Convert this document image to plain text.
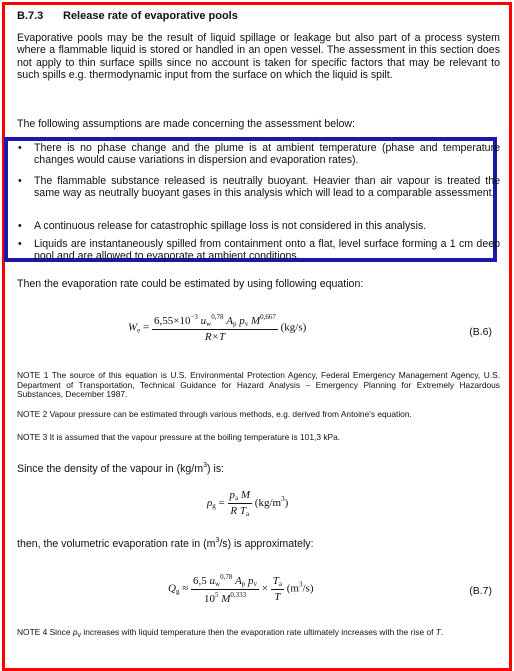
B.7.3 Release rate of evaporative pools
Evaporative pools may be the result of liquid spillage or leakage but also part of a process system where a flammable liquid is stored or handled in an open vessel. The assessment in this section does not apply to thin surface spills since no account is taken for specific factors that may be relevant to such spills e.g. thermodynamic input from the surface on which the liquid is spilt.
The following assumptions are made concerning the assessment below:
• There is no phase change and the plume is at ambient temperature (phase and temperature changes would cause variations in dispersion and evaporation rates).
• The flammable substance released is neutrally buoyant. Heavier than air vapour is treated the same way as neutrally buoyant gases in this analysis which will lead to a comparable assessment.
• A continuous release for catastrophic spillage loss is not considered in this analysis.
• Liquids are instantaneously spilled from containment onto a flat, level surface forming a 1 cm deep pool and are allowed to evaporate at ambient conditions.
Then the evaporation rate could be estimated by using following equation:
$W_e = \frac{6,55\times 10^{-3} u_w^{0,78} A_p p_v M^{0,667}}{R\times T} (kg/s)$	(B.6)
NOTE 1 The source of this equation is U.S. Environmental Protection Agency, Federal Emergency Management Agency, U.S. Department of Transportation, Technical Guidance for Hazard Analysis – Emergency Planning for Extremely Hazardous Substances, December 1987.
NOTE 2 Vapour pressure can be estimated through various methods, e.g. derived from Antoine's equation.
NOTE 3 It is assumed that the vapour pressure at the boiling temperature is 101,3 kPa.
Since the density of the vapour in $(kg/m^3)$ is:
$\rho_g = \frac{p_a M}{R T_a} (kg/m^3)$
then, the volumetric evaporation rate in $(m^3/s)$ is approximately:
$Q_g \approx \frac{6,5 u_w^{0,78} A_p p_v}{10^5 M^{0,333}} \times \frac{T_a}{T} (m^3/s)$	(B.7)
NOTE 4 Since $p_v$ increases with liquid temperature then the evaporation rate ultimately increases with the rise of T.
